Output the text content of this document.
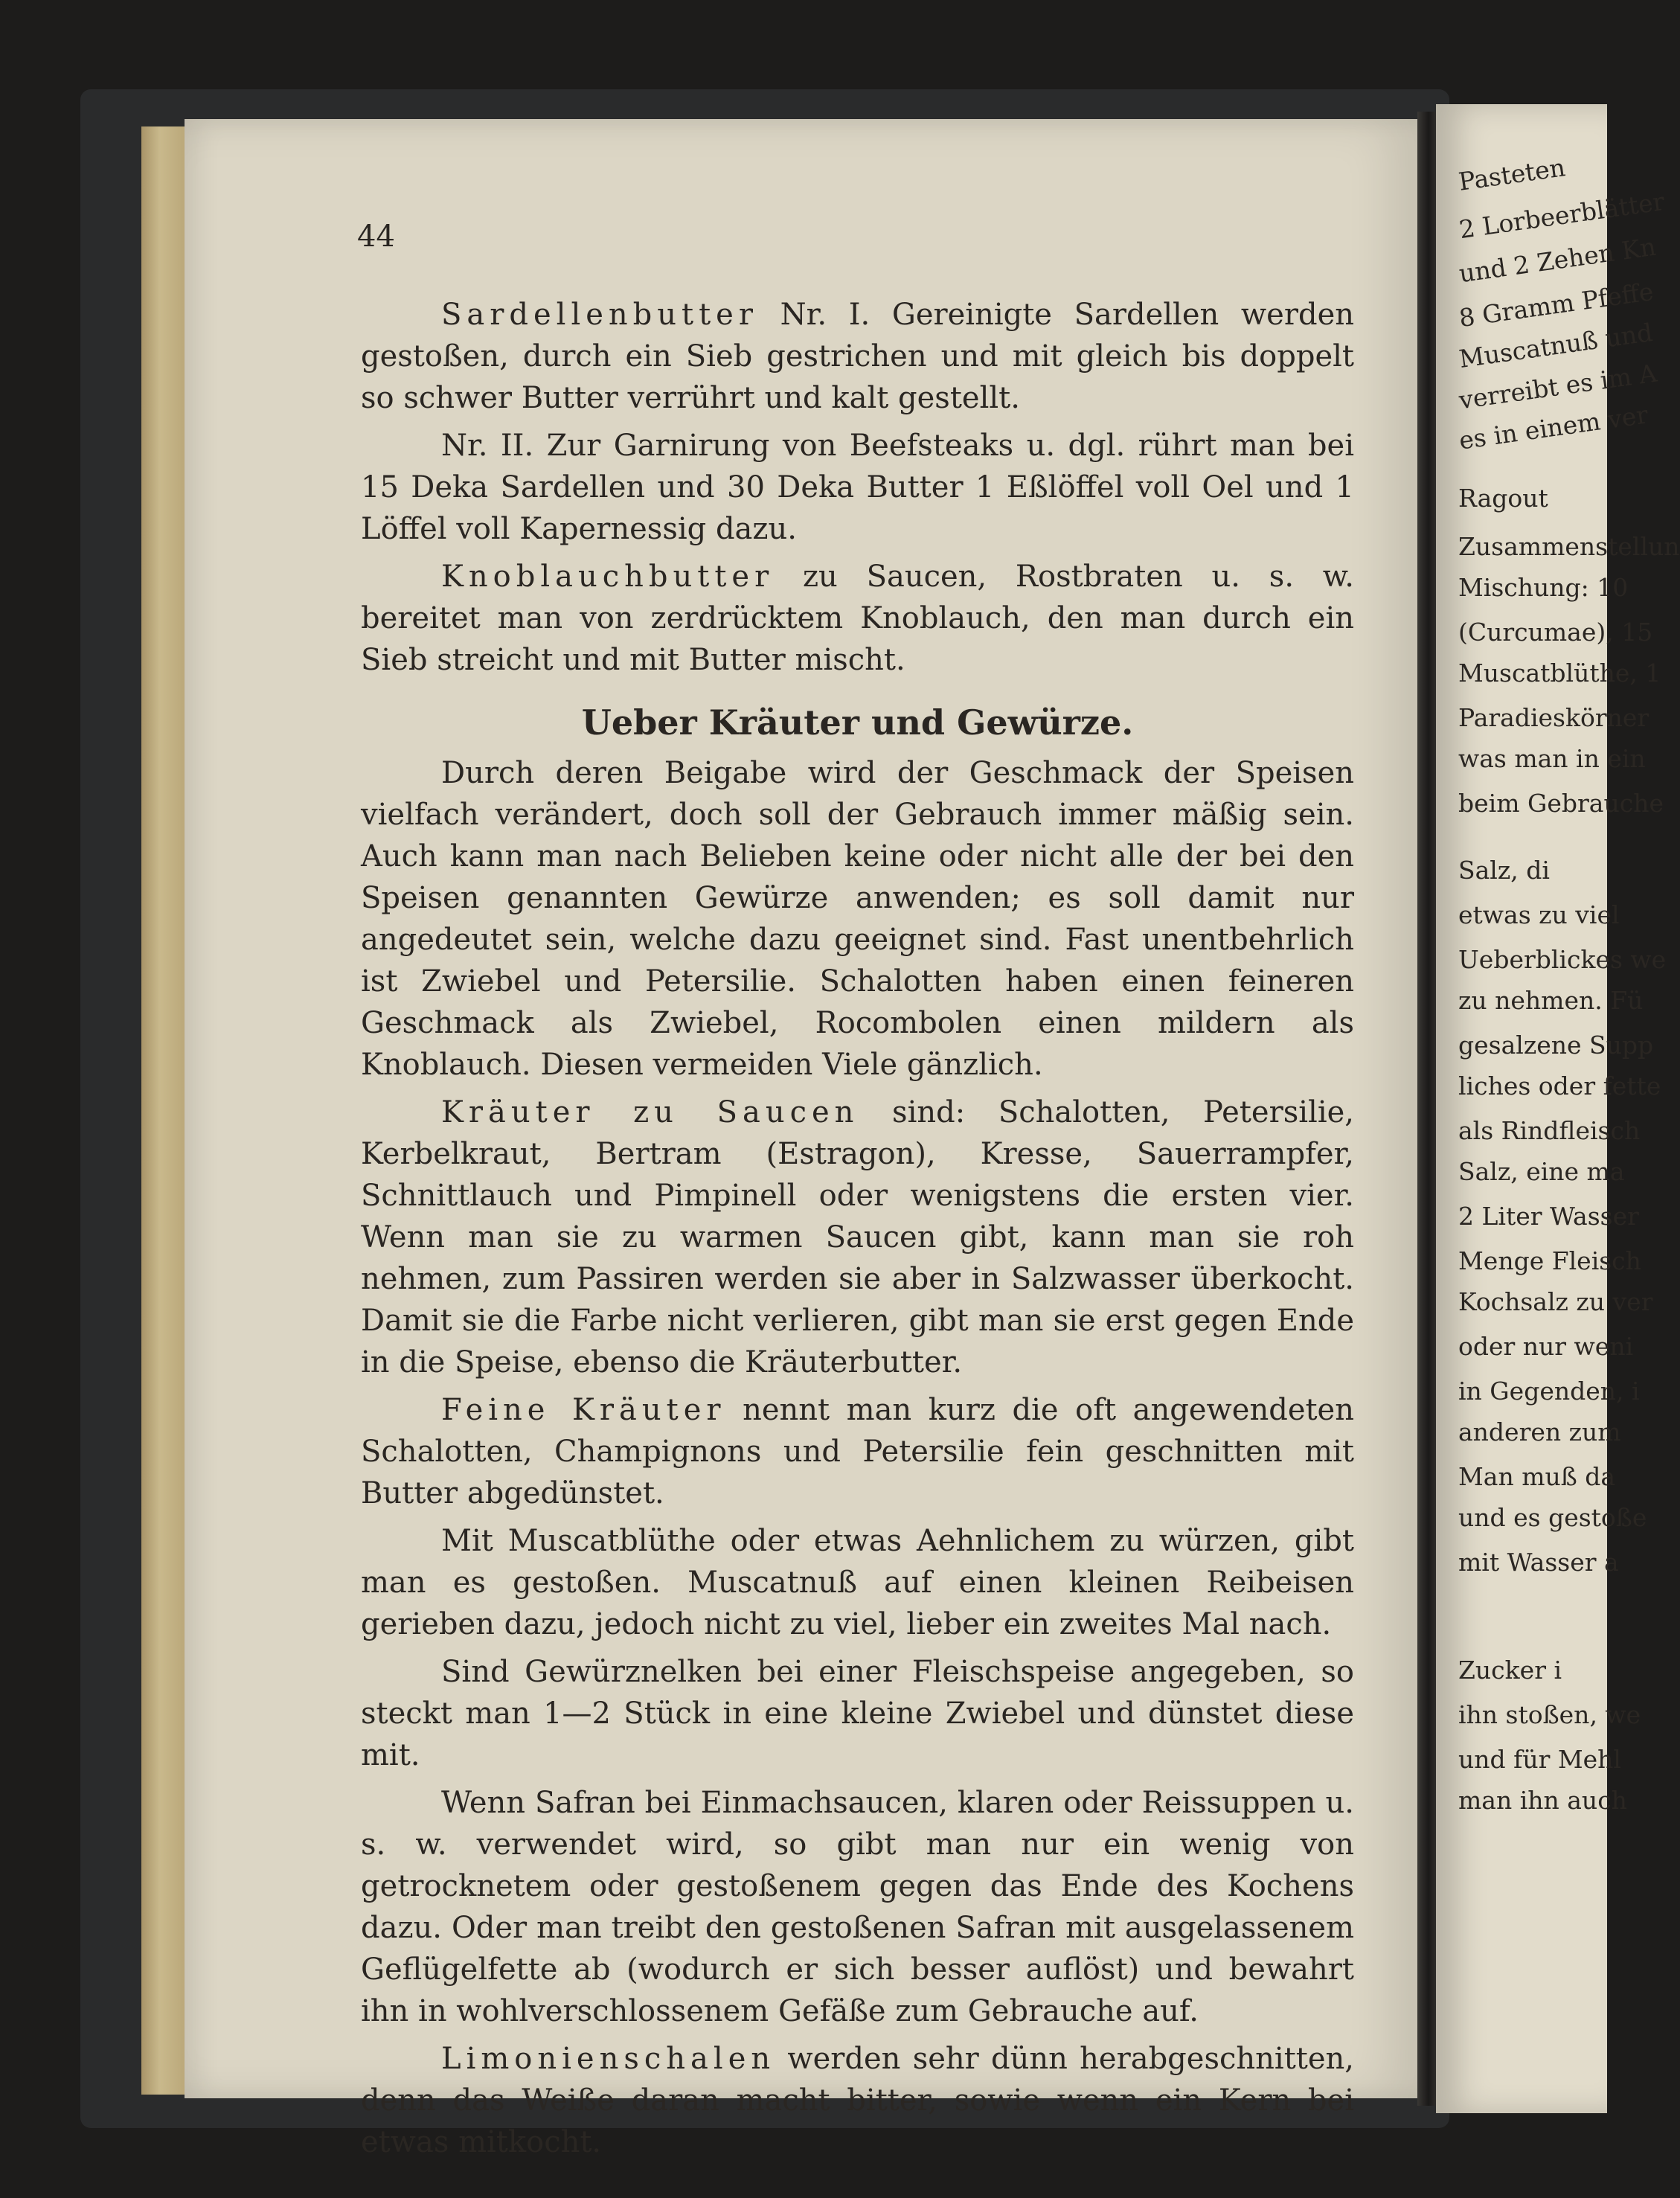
Pasteten
2 Lorbeerblätter
und 2 Zehen Kn
8 Gramm Pfeffe
Muscatnuß und
verreibt es im A
es in einem ver
Ragout
Zusammenstellun
Mischung: 10
(Curcumae), 15
Muscatblüthe, 1
Paradieskörner
was man in ein
beim Gebrauche
Salz, di
etwas zu viel
Ueberblickes we
zu nehmen. Fü
gesalzene Supp
liches oder fette
als Rindfleisch
Salz, eine ma
2 Liter Wasser
Menge Fleisch
Kochsalz zu ver
oder nur weni
in Gegenden, i
anderen zum
Man muß da
und es gestoße
mit Wasser a
Zucker i
ihn stoßen, we
und für Mehl
man ihn auch
44

Sardellenbutter Nr. I. Gereinigte Sardellen werden gestoßen, durch ein Sieb gestrichen und mit gleich bis doppelt so schwer Butter verrührt und kalt gestellt.

Nr. II. Zur Garnirung von Beefsteaks u. dgl. rührt man bei 15 Deka Sardellen und 30 Deka Butter 1 Eßlöffel voll Oel und 1 Löffel voll Kapernessig dazu.

Knoblauchbutter zu Saucen, Rostbraten u. s. w. bereitet man von zerdrücktem Knoblauch, den man durch ein Sieb streicht und mit Butter mischt.

Ueber Kräuter und Gewürze.

Durch deren Beigabe wird der Geschmack der Speisen vielfach verändert, doch soll der Gebrauch immer mäßig sein. Auch kann man nach Belieben keine oder nicht alle der bei den Speisen genannten Gewürze anwenden; es soll damit nur angedeutet sein, welche dazu geeignet sind. Fast unentbehrlich ist Zwiebel und Petersilie. Schalotten haben einen feineren Geschmack als Zwiebel, Rocombolen einen mildern als Knoblauch. Diesen vermeiden Viele gänzlich.

Kräuter zu Saucen sind: Schalotten, Petersilie, Kerbelkraut, Bertram (Estragon), Kresse, Sauerrampfer, Schnittlauch und Pimpinell oder wenigstens die ersten vier. Wenn man sie zu warmen Saucen gibt, kann man sie roh nehmen, zum Passiren werden sie aber in Salzwasser überkocht. Damit sie die Farbe nicht verlieren, gibt man sie erst gegen Ende in die Speise, ebenso die Kräuterbutter.

Feine Kräuter nennt man kurz die oft angewendeten Schalotten, Champignons und Petersilie fein geschnitten mit Butter abgedünstet.

Mit Muscatblüthe oder etwas Aehnlichem zu würzen, gibt man es gestoßen. Muscatnuß auf einen kleinen Reibeisen gerieben dazu, jedoch nicht zu viel, lieber ein zweites Mal nach.

Sind Gewürznelken bei einer Fleischspeise angegeben, so steckt man 1—2 Stück in eine kleine Zwiebel und dünstet diese mit.

Wenn Safran bei Einmachsaucen, klaren oder Reissuppen u. s. w. verwendet wird, so gibt man nur ein wenig von getrocknetem oder gestoßenem gegen das Ende des Kochens dazu. Oder man treibt den gestoßenen Safran mit ausgelassenem Geflügelfette ab (wodurch er sich besser auflöst) und bewahrt ihn in wohlverschlossenem Gefäße zum Gebrauche auf.

Limonienschalen werden sehr dünn herabgeschnitten, denn das Weiße daran macht bitter, sowie wenn ein Kern bei etwas mitkocht.
